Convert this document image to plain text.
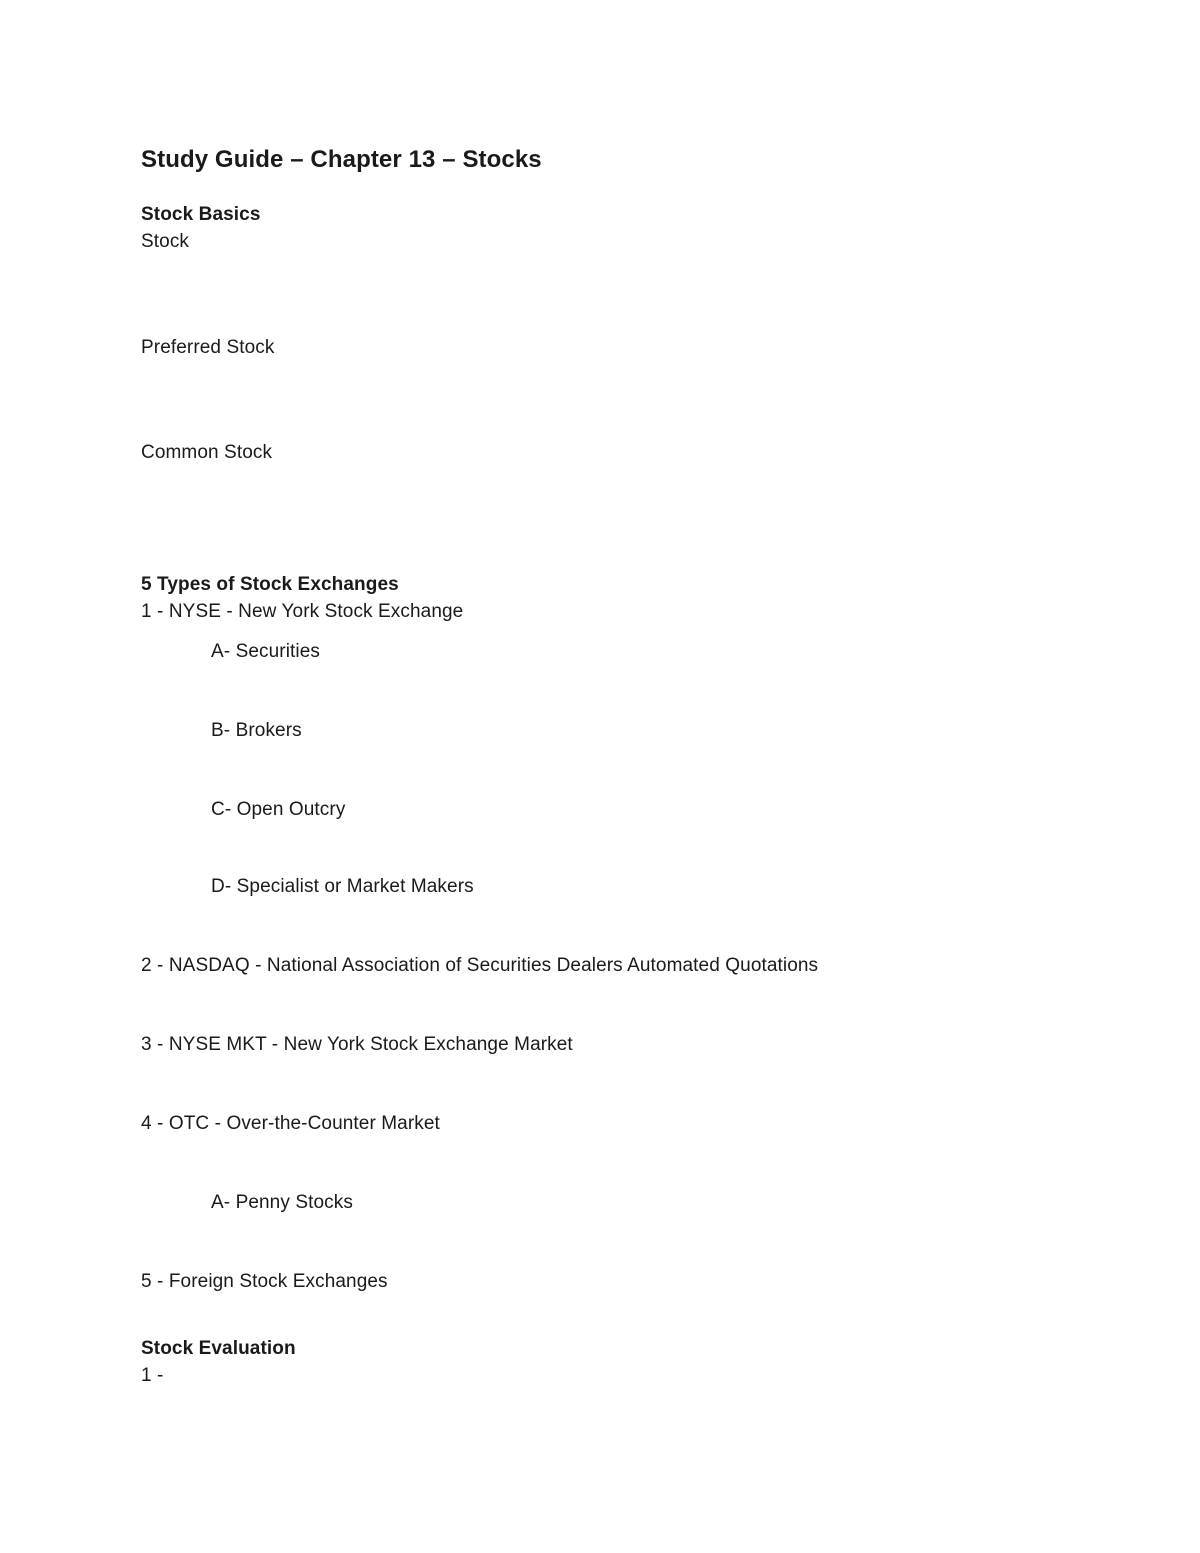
Study Guide – Chapter 13 – Stocks
Stock Basics
Stock
Preferred Stock
Common Stock
5 Types of Stock Exchanges
1 - NYSE - New York Stock Exchange
A- Securities
B- Brokers
C- Open Outcry
D- Specialist or Market Makers
2 - NASDAQ - National Association of Securities Dealers Automated Quotations
3 - NYSE MKT - New York Stock Exchange Market
4 - OTC - Over-the-Counter Market
A- Penny Stocks
5 - Foreign Stock Exchanges
Stock Evaluation
1 -
